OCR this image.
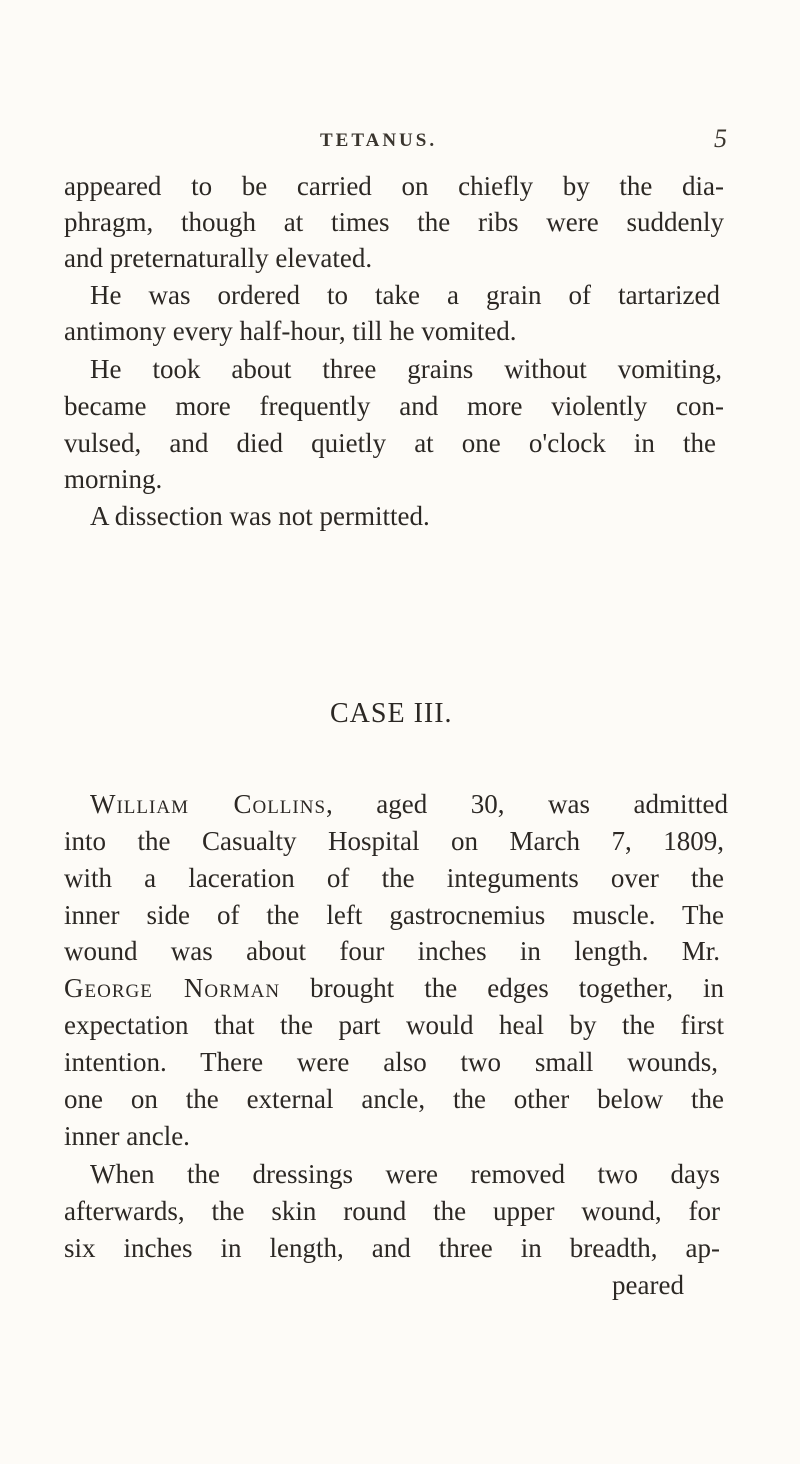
TETANUS.	5
appeared to be carried on chiefly by the dia-
phragm, though at times the ribs were suddenly
and preternaturally elevated.
He was ordered to take a grain of tartarized
antimony every half-hour, till he vomited.
He took about three grains without vomiting,
became more frequently and more violently con-
vulsed, and died quietly at one o'clock in the
morning.
A dissection was not permitted.
CASE III.
William Collins, aged 30, was admitted
into the Casualty Hospital on March 7, 1809,
with a laceration of the integuments over the
inner side of the left gastrocnemius muscle. The
wound was about four inches in length. Mr.
George Norman brought the edges together, in
expectation that the part would heal by the first
intention. There were also two small wounds,
one on the external ancle, the other below the
inner ancle.
When the dressings were removed two days
afterwards, the skin round the upper wound, for
six inches in length, and three in breadth, ap-
peared
